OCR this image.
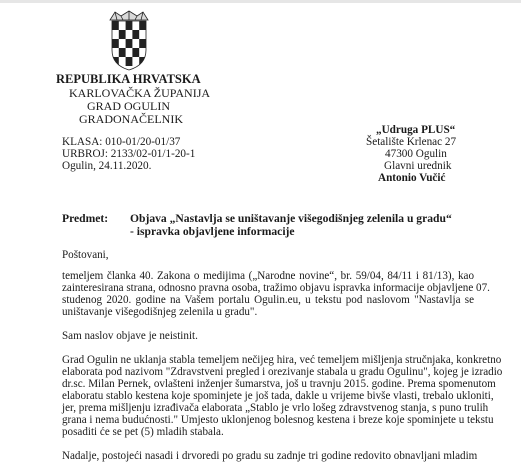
REPUBLIKA HRVATSKA
KARLOVAČKA ŽUPANIJA
GRAD OGULIN
GRADONAČELNIK
KLASA: 010-01/20-01/37
URBROJ: 2133/02-01/1-20-1
Ogulin, 24.11.2020.
„Udruga PLUS“
Šetalište Krlenac 27
47300 Ogulin
Glavni urednik
Antonio Vučić
Predmet: Objava „Nastavlja se uništavanje višegodišnjeg zelenila u gradu“
- ispravka objavljene informacije
Poštovani,
temeljem članka 40. Zakona o medijima („Narodne novine“, br. 59/04, 84/11 i 81/13), kao
zainteresirana strana, odnosno pravna osoba, tražimo objavu ispravka informacije objavljene 07.
studenog 2020. godine na Vašem portalu Ogulin.eu, u tekstu pod naslovom "Nastavlja se
uništavanje višegodišnjeg zelenila u gradu".
Sam naslov objave je neistinit.
Grad Ogulin ne uklanja stabla temeljem nečijeg hira, već temeljem mišljenja stručnjaka, konkretno
elaborata pod nazivom "Zdravstveni pregled i orezivanje stabala u gradu Ogulinu", kojeg je izradio
dr.sc. Milan Pernek, ovlašteni inženjer šumarstva, još u travnju 2015. godine. Prema spomenutom
elaboratu stablo kestena koje spominjete je još tada, dakle u vrijeme bivše vlasti, trebalo ukloniti,
jer, prema mišljenju izrađivača elaborata „Stablo je vrlo lošeg zdravstvenog stanja, s puno trulih
grana i nema budućnosti." Umjesto uklonjenog bolesnog kestena i breze koje spominjete u tekstu
posaditi će se pet (5) mladih stabala.
Nadalje, postojeći nasadi i drvoredi po gradu su zadnje tri godine redovito obnavljani mladim
